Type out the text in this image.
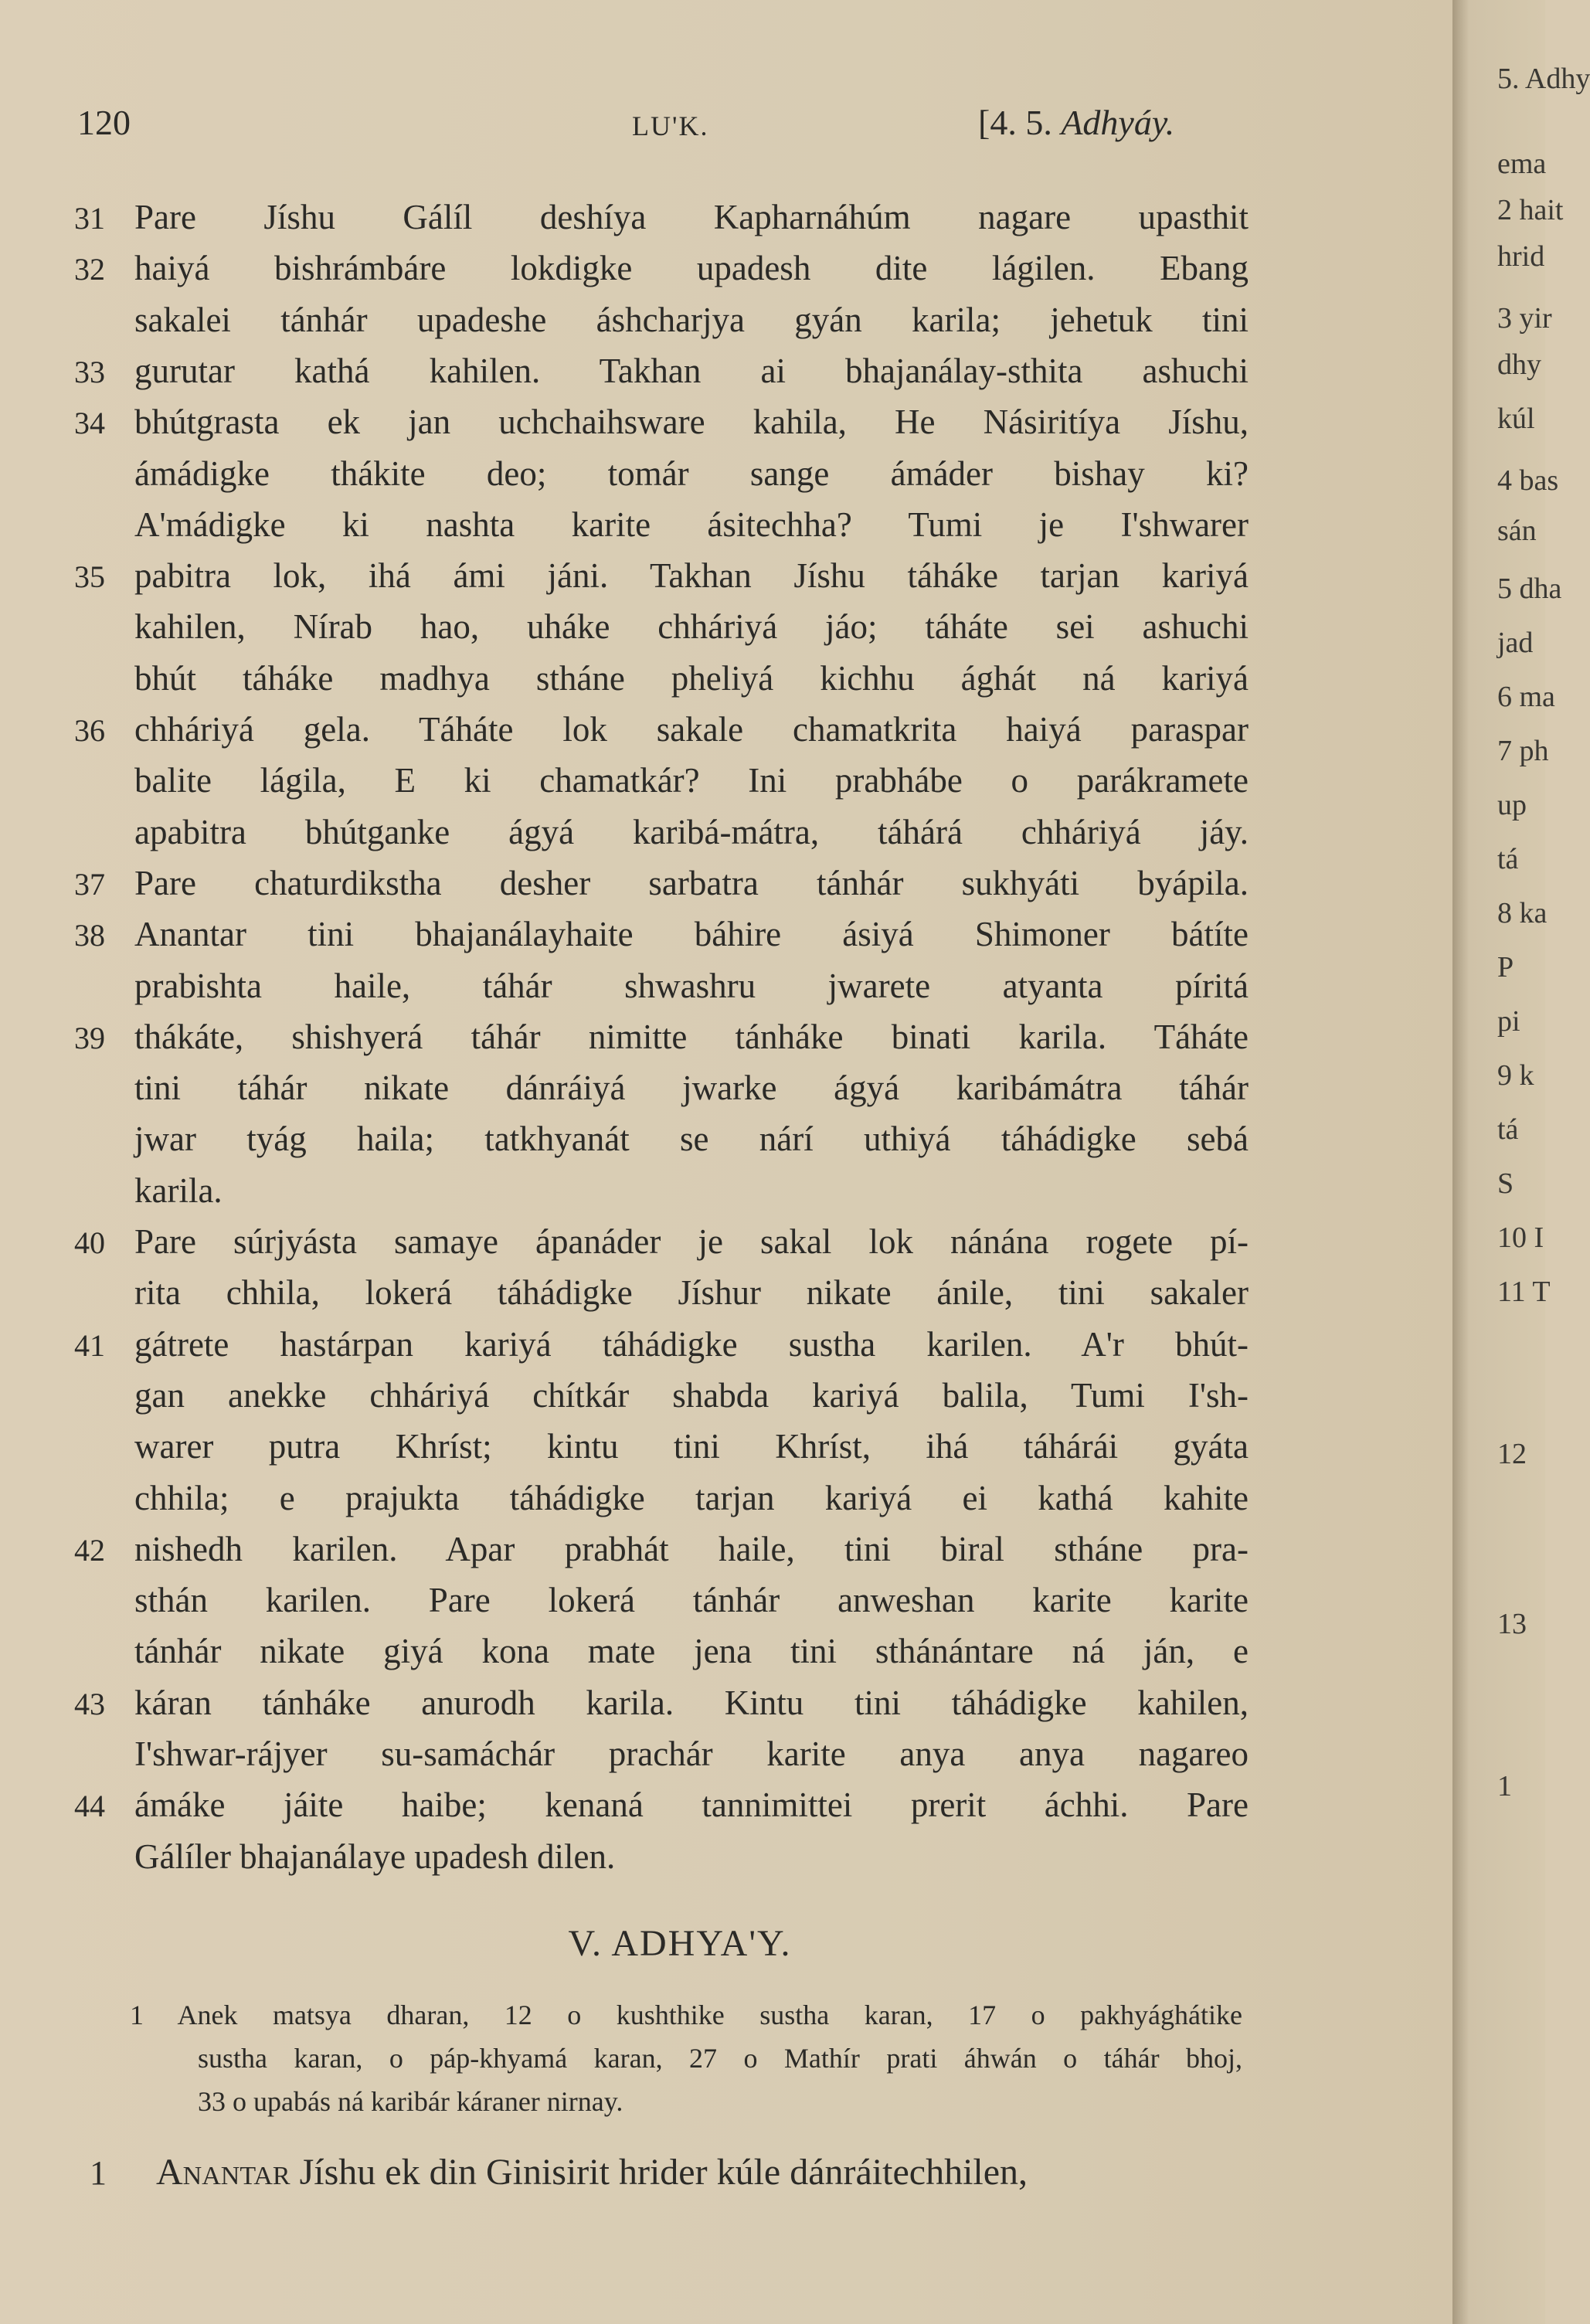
120	LU'K.	[4. 5. Adhyáy.
31 Pare Jíshu Gálíl deshíya Kapharnáhúm nagare upasthit
32 haiyá bishrámbáre lokdigke upadesh dite lágilen. Ebang
sakalei tánhár upadeshe áshcharjya gyán karila; jehetuk tini
33 gurutar kathá kahilen. Takhan ai bhajanálay-sthita ashuchi
34 bhútgrasta ek jan uchchaihsware kahila, He Násiritíya Jíshu,
ámádigke thákite deo; tomár sange ámáder bishay ki?
A'mádigke ki nashta karite ásitechha? Tumi je I'shwarer
35 pabitra lok, ihá ámi jáni. Takhan Jíshu táháke tarjan kariyá
kahilen, Nírab hao, uháke chháriyá jáo; táháte sei ashuchi
bhút táháke madhya stháne pheliyá kichhu ághát ná kariyá
36 chháriyá gela. Táháte lok sakale chamatkrita haiyá paraspar
balite lágila, E ki chamatkár? Ini prabhábe o parákramete
apabitra bhútganke ágyá karibá-mátra, táhárá chháriyá jáy.
37 Pare chaturdikstha desher sarbatra tánhár sukhyáti byápila.
38 Anantar tini bhajanálayhaite báhire ásiyá Shimoner bátíte
prabishta haile, táhár shwashru jwarete atyanta píritá
39 thákáte, shishyerá táhár nimitte tánháke binati karila. Táháte
tini táhár nikate dánráiyá jwarke ágyá karibámátra táhár
jwar tyág haila; tatkhyanát se nárí uthiyá táhádigke sebá
karila.
40 Pare súrjyásta samaye ápanáder je sakal lok nánána rogete pí-
rita chhila, lokerá táhádigke Jíshur nikate ánile, tini sakaler
41 gátrete hastárpan kariyá táhádigke sustha karilen. A'r bhút-
gan anekke chháriyá chítkár shabda kariyá balila, Tumi I'sh-
warer putra Khríst; kintu tini Khríst, ihá táhárái gyáta
chhila; e prajukta táhádigke tarjan kariyá ei kathá kahite
42 nishedh karilen. Apar prabhát haile, tini biral stháne pra-
sthán karilen. Pare lokerá tánhár anweshan karite karite
tánhár nikate giyá kona mate jena tini sthánántare ná ján, e
43 káran tánháke anurodh karila. Kintu tini táhádigke kahilen,
I'shwar-rájyer su-samáchár prachár karite anya anya nagareo
44 ámáke jáite haibe; kenaná tannimittei prerit áchhi. Pare
Gálíler bhajanálaye upadesh dilen.
V. ADHYA'Y.
1 Anek matsya dharan, 12 o kushthike sustha karan, 17 o pakhyághátike
sustha karan, o páp-khyamá karan, 27 o Mathír prati áhwán o táhár bhoj,
33 o upabás ná karibár káraner nirnay.
1 Anantar Jíshu ek din Ginisirit hrider kúle dánráitechhilen,
5. Adhy
ema
2 hait
hrid
3 yir
dhy
kúl
4 bas
sán
5 dha
jad
6 ma
7 ph
up
tá
8 ka
P
pi
9 k
tá
S
10 I
11 T
12
13
1
